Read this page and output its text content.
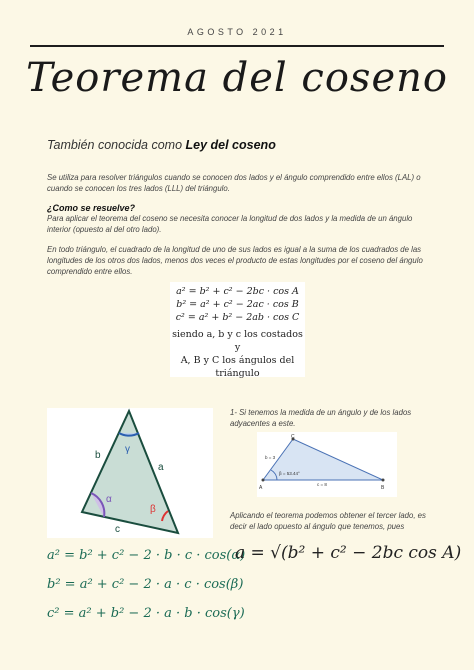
AGOSTO 2021
Teorema del coseno
También conocida como Ley del coseno
Se utiliza para resolver triángulos cuando se conocen dos lados y el ángulo comprendido entre ellos (LAL) o cuando se conocen los tres lados (LLL) del triángulo.
¿Como se resuelve?
Para aplicar el teorema del coseno se necesita conocer la longitud de dos lados y la medida de un ángulo interior (opuesto al del otro lado).
En todo triángulo, el cuadrado de la longitud de uno de sus lados es igual a la suma de los cuadrados de las longitudes de los otros dos lados, menos dos veces el producto de estas longitudes por el coseno del ángulo comprendido entre ellos.
a² = b² + c² − 2bc · cos A
b² = a² + c² − 2ac · cos B
c² = a² + b² − 2ab · cos C
siendo a, b y c los costados y
A, B y C los ángulos del
triángulo
b
a
c
α
β
γ
a² = b² + c² − 2 · b · c · cos(α)
b² = a² + c² − 2 · a · c · cos(β)
c² = a² + b² − 2 · a · b · cos(γ)
1- Si tenemos la medida de un ángulo y de los lados adyacentes a este.
A
C
B
b = 3
β = 53.44°
c = 8
Aplicando el teorema podemos obtener el tercer lado, es decir el lado opuesto al ángulo que tenemos, pues
a = √(b² + c² − 2bc cos A)
